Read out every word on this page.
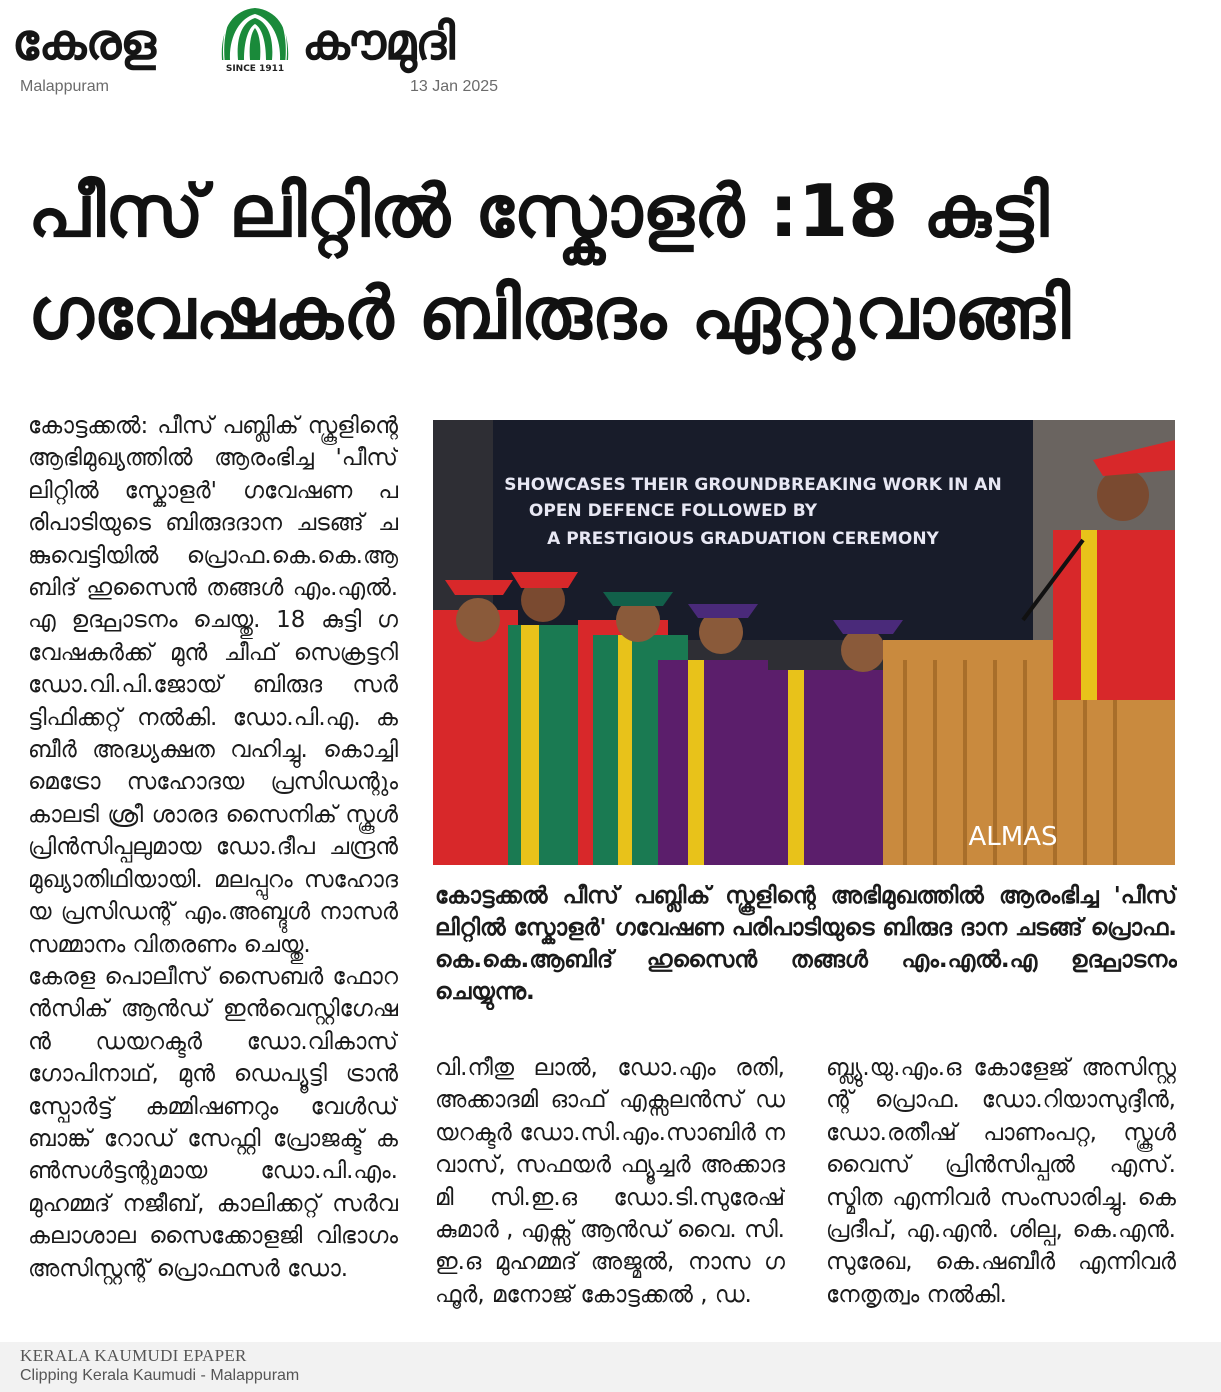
കേരള	SINCE 1911 കൗമുദി
Malappuram	13 Jan 2025
പീസ് ലിറ്റിൽ സ്കോളർ :18 കുട്ടി
ഗവേഷകർ ബിരുദം ഏറ്റുവാങ്ങി

കോട്ടക്കൽ: പീസ് പബ്ലിക് സ്കൂളിന്റെ ആഭിമുഖ്യത്തിൽ ആരംഭിച്ച 'പീസ് ലിറ്റിൽ സ്കോളർ' ഗവേഷണ പരിപാടിയുടെ ബിരുദദാന ചടങ്ങ് ചങ്കുവെട്ടിയിൽ പ്രൊഫ.കെ.കെ.ആബിദ് ഹുസൈൻ തങ്ങൾ എം.എൽ.എ ഉദ്ഘാടനം ചെയ്തു. 18 കുട്ടി ഗവേഷകർക്ക് മുൻ ചീഫ് സെക്രട്ടറി ഡോ.വി.പി.ജോയ് ബിരുദ സർട്ടിഫിക്കറ്റ് നൽകി. ഡോ.പി.എ. കബീർ അദ്ധ്യക്ഷത വഹിച്ചു. കൊച്ചി മെട്രോ സഹോദയ പ്രസിഡന്റും കാലടി ശ്രീ ശാരദ സൈനിക് സ്കൂൾ പ്രിൻസിപ്പലുമായ ഡോ.ദീപ ചന്ദ്രൻ മുഖ്യാതിഥിയായി. മലപ്പുറം സഹോദയ പ്രസിഡന്റ് എം.അബ്ദുൾ നാസർ സമ്മാനം വിതരണം ചെയ്തു.

കേരള പൊലീസ് സൈബർ ഫോറൻസിക് ആൻഡ് ഇൻവെസ്റ്റിഗേഷൻ ഡയറക്ടർ ഡോ.വികാസ് ഗോപിനാഥ്, മുൻ ഡെപ്യൂട്ടി ട്രാൻസ്പോർട്ട് കമ്മിഷണറും വേൾഡ് ബാങ്ക് റോഡ് സേഫ്റ്റി പ്രോജക്ട് കൺസൾട്ടന്റുമായ ഡോ.പി.എം. മുഹമ്മദ് നജീബ്, കാലിക്കറ്റ് സർവകലാശാല സൈക്കോളജി വിഭാഗം അസിസ്റ്റന്റ് പ്രൊഫസർ ഡോ.

SHOWCASES THEIR GROUNDBREAKING WORK IN AN
OPEN DEFENCE FOLLOWED BY
A PRESTIGIOUS GRADUATION CEREMONY
ALMAS
കോട്ടക്കൽ പീസ് പബ്ലിക് സ്കൂളിന്റെ അഭിമുഖത്തിൽ ആരംഭിച്ച 'പീസ് ലിറ്റിൽ സ്കോളർ' ഗവേഷണ പരിപാടിയുടെ ബിരുദ ദാന ചടങ്ങ് പ്രൊഫ.കെ.കെ.ആബിദ് ഹുസൈൻ തങ്ങൾ എം.എൽ.എ ഉദ്ഘാടനം ചെയ്യുന്നു.
വി.നീതു ലാൽ, ഡോ.എം രതി, അക്കാദമി ഓഫ് എക്സലൻസ് ഡയറക്ടർ ഡോ.സി.എം.സാബിർ നവാസ്, സഫയർ ഫ്യൂച്ചർ അക്കാദമി സി.ഇ.ഒ ഡോ.ടി.സുരേഷ് കുമാർ , എക്സ് ആൻഡ് വൈ. സി.ഇ.ഒ മുഹമ്മദ് അജ്മൽ, നാസ ഗഫൂർ, മനോജ് കോട്ടക്കൽ , ഡ.
ബ്ല്യു.യു.എം.ഒ കോളേജ് അസിസ്റ്റന്റ് പ്രൊഫ. ഡോ.റിയാസുദ്ദീൻ, ഡോ.രതീഷ് പാണംപറ്റ, സ്കൂൾ വൈസ് പ്രിൻസിപ്പൽ എസ്.സ്മിത എന്നിവർ സംസാരിച്ചു. കെ പ്രദീപ്, എ.എൻ. ശില്പ, കെ.എൻ. സുരേഖ, കെ.ഷബീർ എന്നിവർ നേതൃത്വം നൽകി.
KERALA KAUMUDI EPAPER
Clipping Kerala Kaumudi - Malappuram
